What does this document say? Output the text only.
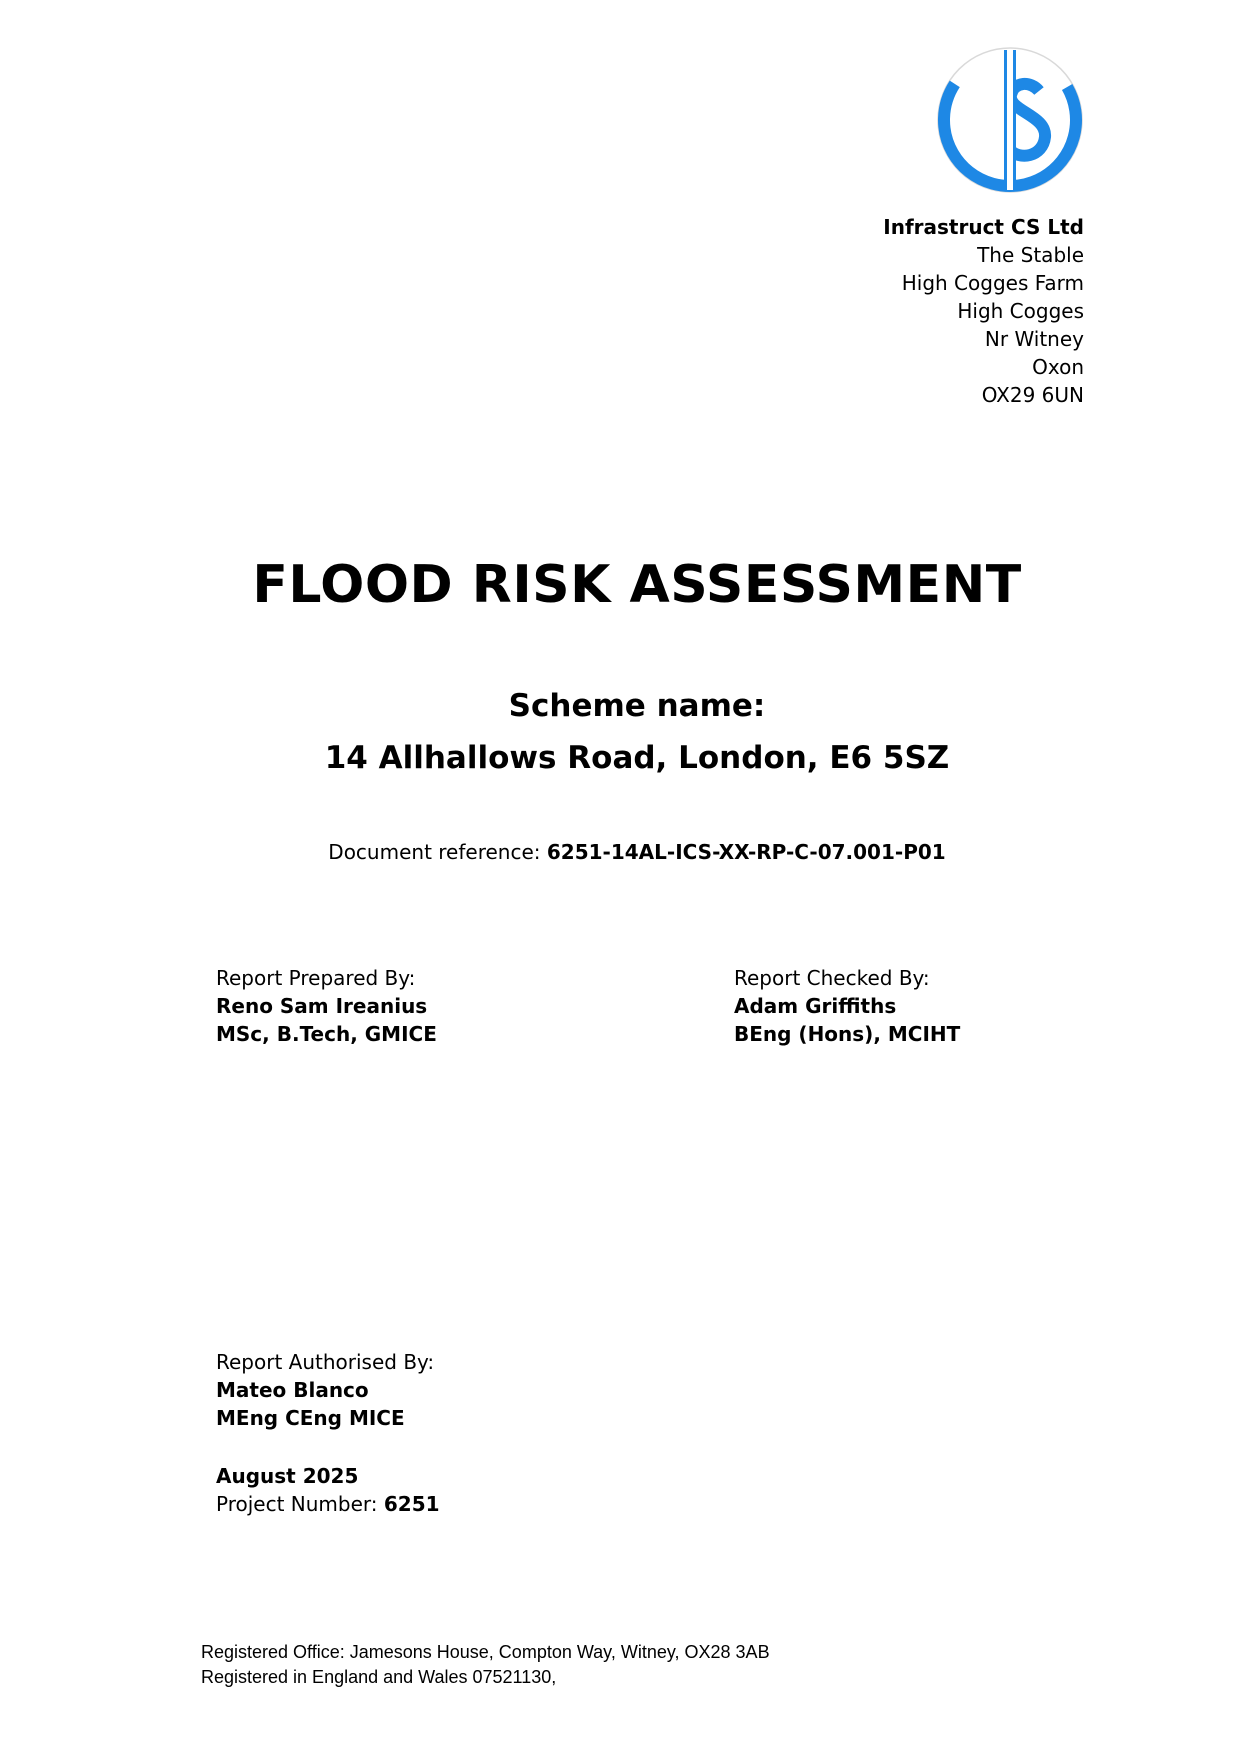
Infrastruct CS Ltd
The Stable
High Cogges Farm
High Cogges
Nr Witney
Oxon
OX29 6UN
FLOOD RISK ASSESSMENT
Scheme name:
14 Allhallows Road, London, E6 5SZ
Document reference: 6251-14AL-ICS-XX-RP-C-07.001-P01
Report Prepared By:
Reno Sam Ireanius
MSc, B.Tech, GMICE
Report Checked By:
Adam Griffiths
BEng (Hons), MCIHT
Report Authorised By:
Mateo Blanco
MEng CEng MICE
August 2025
Project Number: 6251
Registered Office: Jamesons House, Compton Way, Witney, OX28 3AB
Registered in England and Wales 07521130,
